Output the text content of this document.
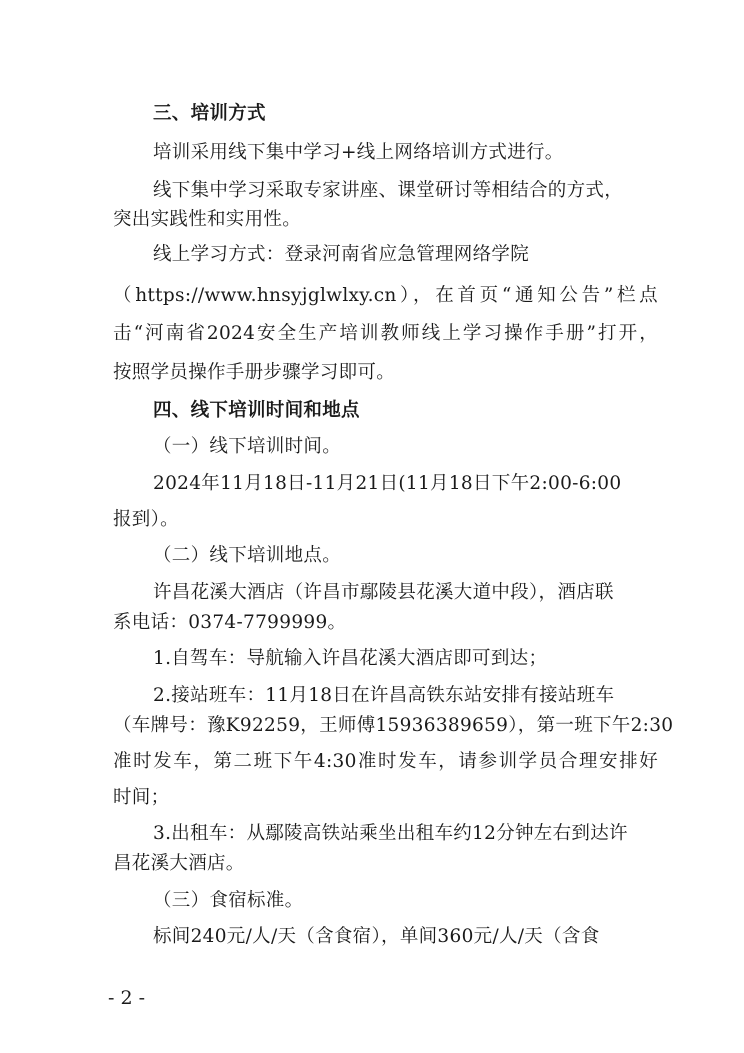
三、培训方式
培训采用线下集中学习+线上网络培训方式进行。
线下集中学习采取专家讲座、课堂研讨等相结合的方式，
突出实践性和实用性。
线上学习方式：登录河南省应急管理网络学院
（https://www.hnsyjglwlxy.cn），在首页“通知公告”栏点
击“河南省2024安全生产培训教师线上学习操作手册”打开，
按照学员操作手册步骤学习即可。
四、线下培训时间和地点
（一）线下培训时间。
2024年11月18日-11月21日(11月18日下午2:00-6:00
报到）。
（二）线下培训地点。
许昌花溪大酒店（许昌市鄢陵县花溪大道中段），酒店联
系电话：0374-7799999。
1.自驾车：导航输入许昌花溪大酒店即可到达；
2.接站班车：11月18日在许昌高铁东站安排有接站班车
（车牌号：豫K92259，王师傅15936389659），第一班下午2:30
准时发车，第二班下午4:30准时发车，请参训学员合理安排好
时间；
3.出租车：从鄢陵高铁站乘坐出租车约12分钟左右到达许
昌花溪大酒店。
（三）食宿标准。
标间240元/人/天（含食宿），单间360元/人/天（含食
- 2 -
